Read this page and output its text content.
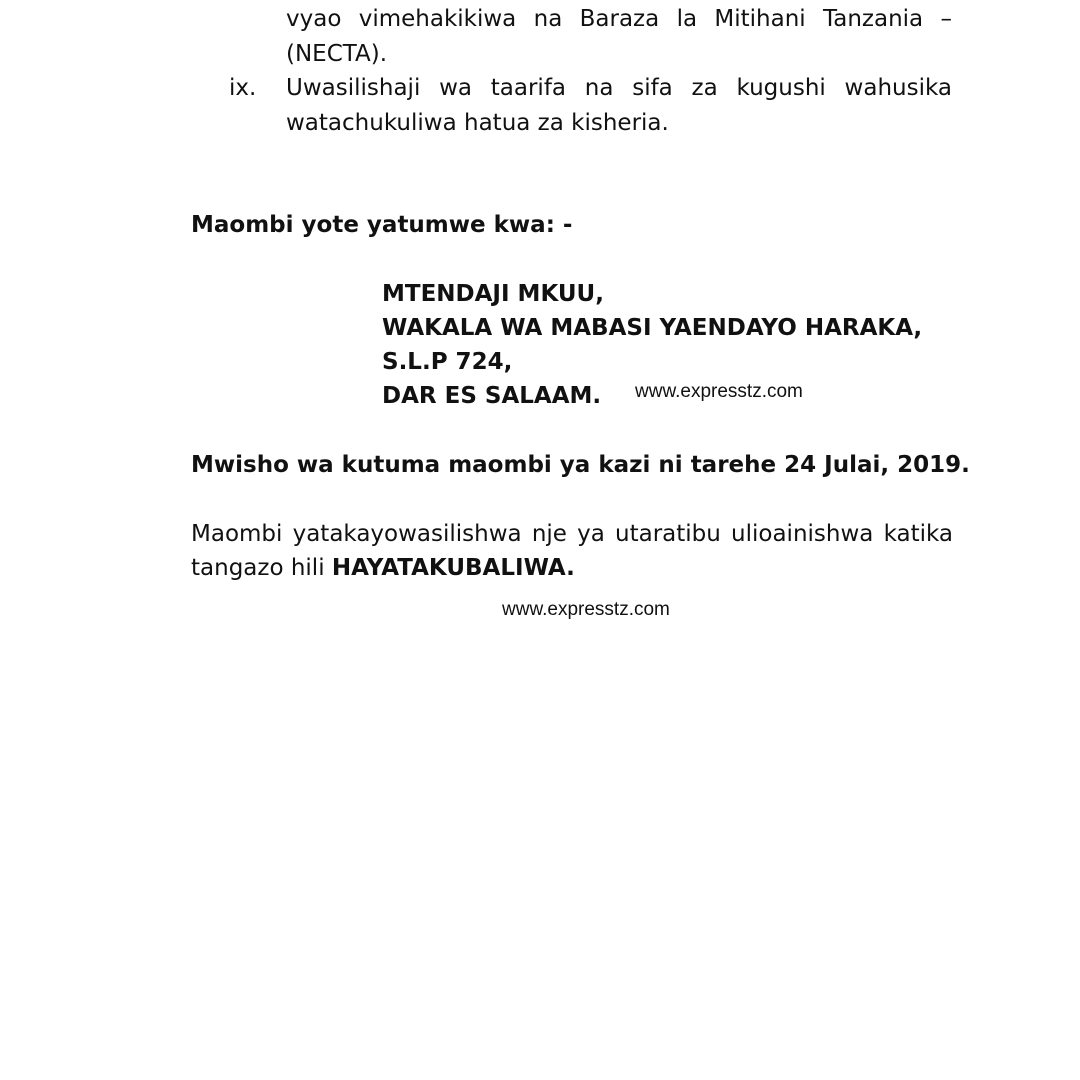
vyao vimehakikiwa na Baraza la Mitihani Tanzania –
(NECTA).
ix. Uwasilishaji wa taarifa na sifa za kugushi wahusika
watachukuliwa hatua za kisheria.
Maombi yote yatumwe kwa: -
MTENDAJI MKUU,
WAKALA WA MABASI YAENDAYO HARAKA,
S.L.P 724,
DAR ES SALAAM. www.expresstz.com
Mwisho wa kutuma maombi ya kazi ni tarehe 24 Julai, 2019.
Maombi yatakayowasilishwa nje ya utaratibu ulioainishwa katika
tangazo hili HAYATAKUBALIWA.
www.expresstz.com
